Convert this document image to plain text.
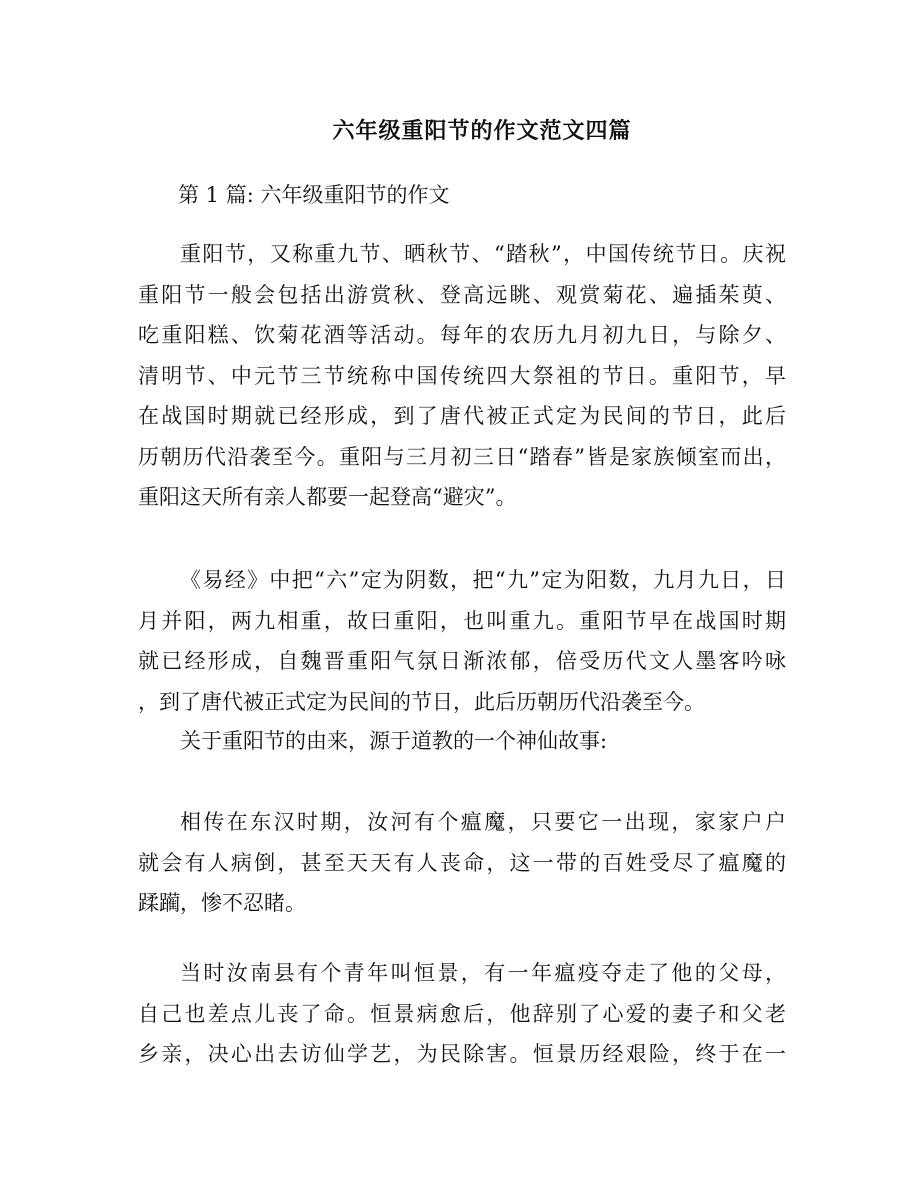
六年级重阳节的作文范文四篇
第 1 篇: 六年级重阳节的作文
重阳节，又称重九节、晒秋节、“踏秋”，中国传统节日。庆祝
重阳节一般会包括出游赏秋、登高远眺、观赏菊花、遍插茱萸、
吃重阳糕、饮菊花酒等活动。每年的农历九月初九日，与除夕、
清明节、中元节三节统称中国传统四大祭祖的节日。重阳节，早
在战国时期就已经形成，到了唐代被正式定为民间的节日，此后
历朝历代沿袭至今。重阳与三月初三日“踏春”皆是家族倾室而出，
重阳这天所有亲人都要一起登高“避灾”。
《易经》中把“六”定为阴数，把“九”定为阳数，九月九日，日
月并阳，两九相重，故曰重阳，也叫重九。重阳节早在战国时期
就已经形成，自魏晋重阳气氛日渐浓郁，倍受历代文人墨客吟咏
，到了唐代被正式定为民间的节日，此后历朝历代沿袭至今。
关于重阳节的由来，源于道教的一个神仙故事:
相传在东汉时期，汝河有个瘟魔，只要它一出现，家家户户
就会有人病倒，甚至天天有人丧命，这一带的百姓受尽了瘟魔的
蹂躏，惨不忍睹。
当时汝南县有个青年叫恒景，有一年瘟疫夺走了他的父母，
自己也差点儿丧了命。恒景病愈后，他辞别了心爱的妻子和父老
乡亲，决心出去访仙学艺，为民除害。恒景历经艰险，终于在一
